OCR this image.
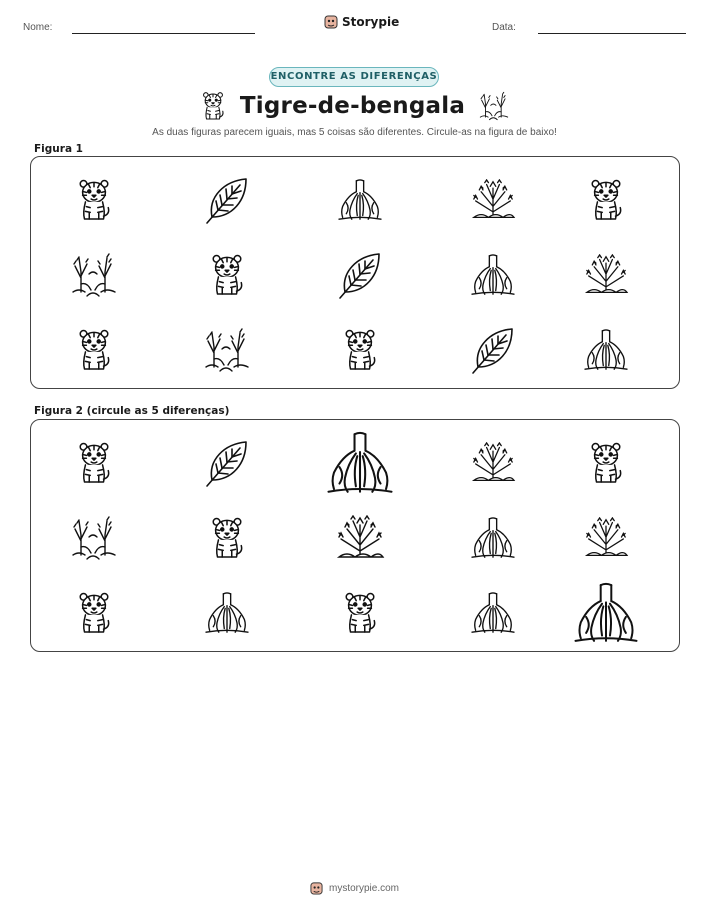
Nome:	Storypie	Data:
ENCONTRE AS DIFERENÇAS
Tigre-de-bengala
As duas figuras parecem iguais, mas 5 coisas são diferentes. Circule-as na figura de baixo!
Figura 1
Figura 2 (circule as 5 diferenças)
mystorypie.com
